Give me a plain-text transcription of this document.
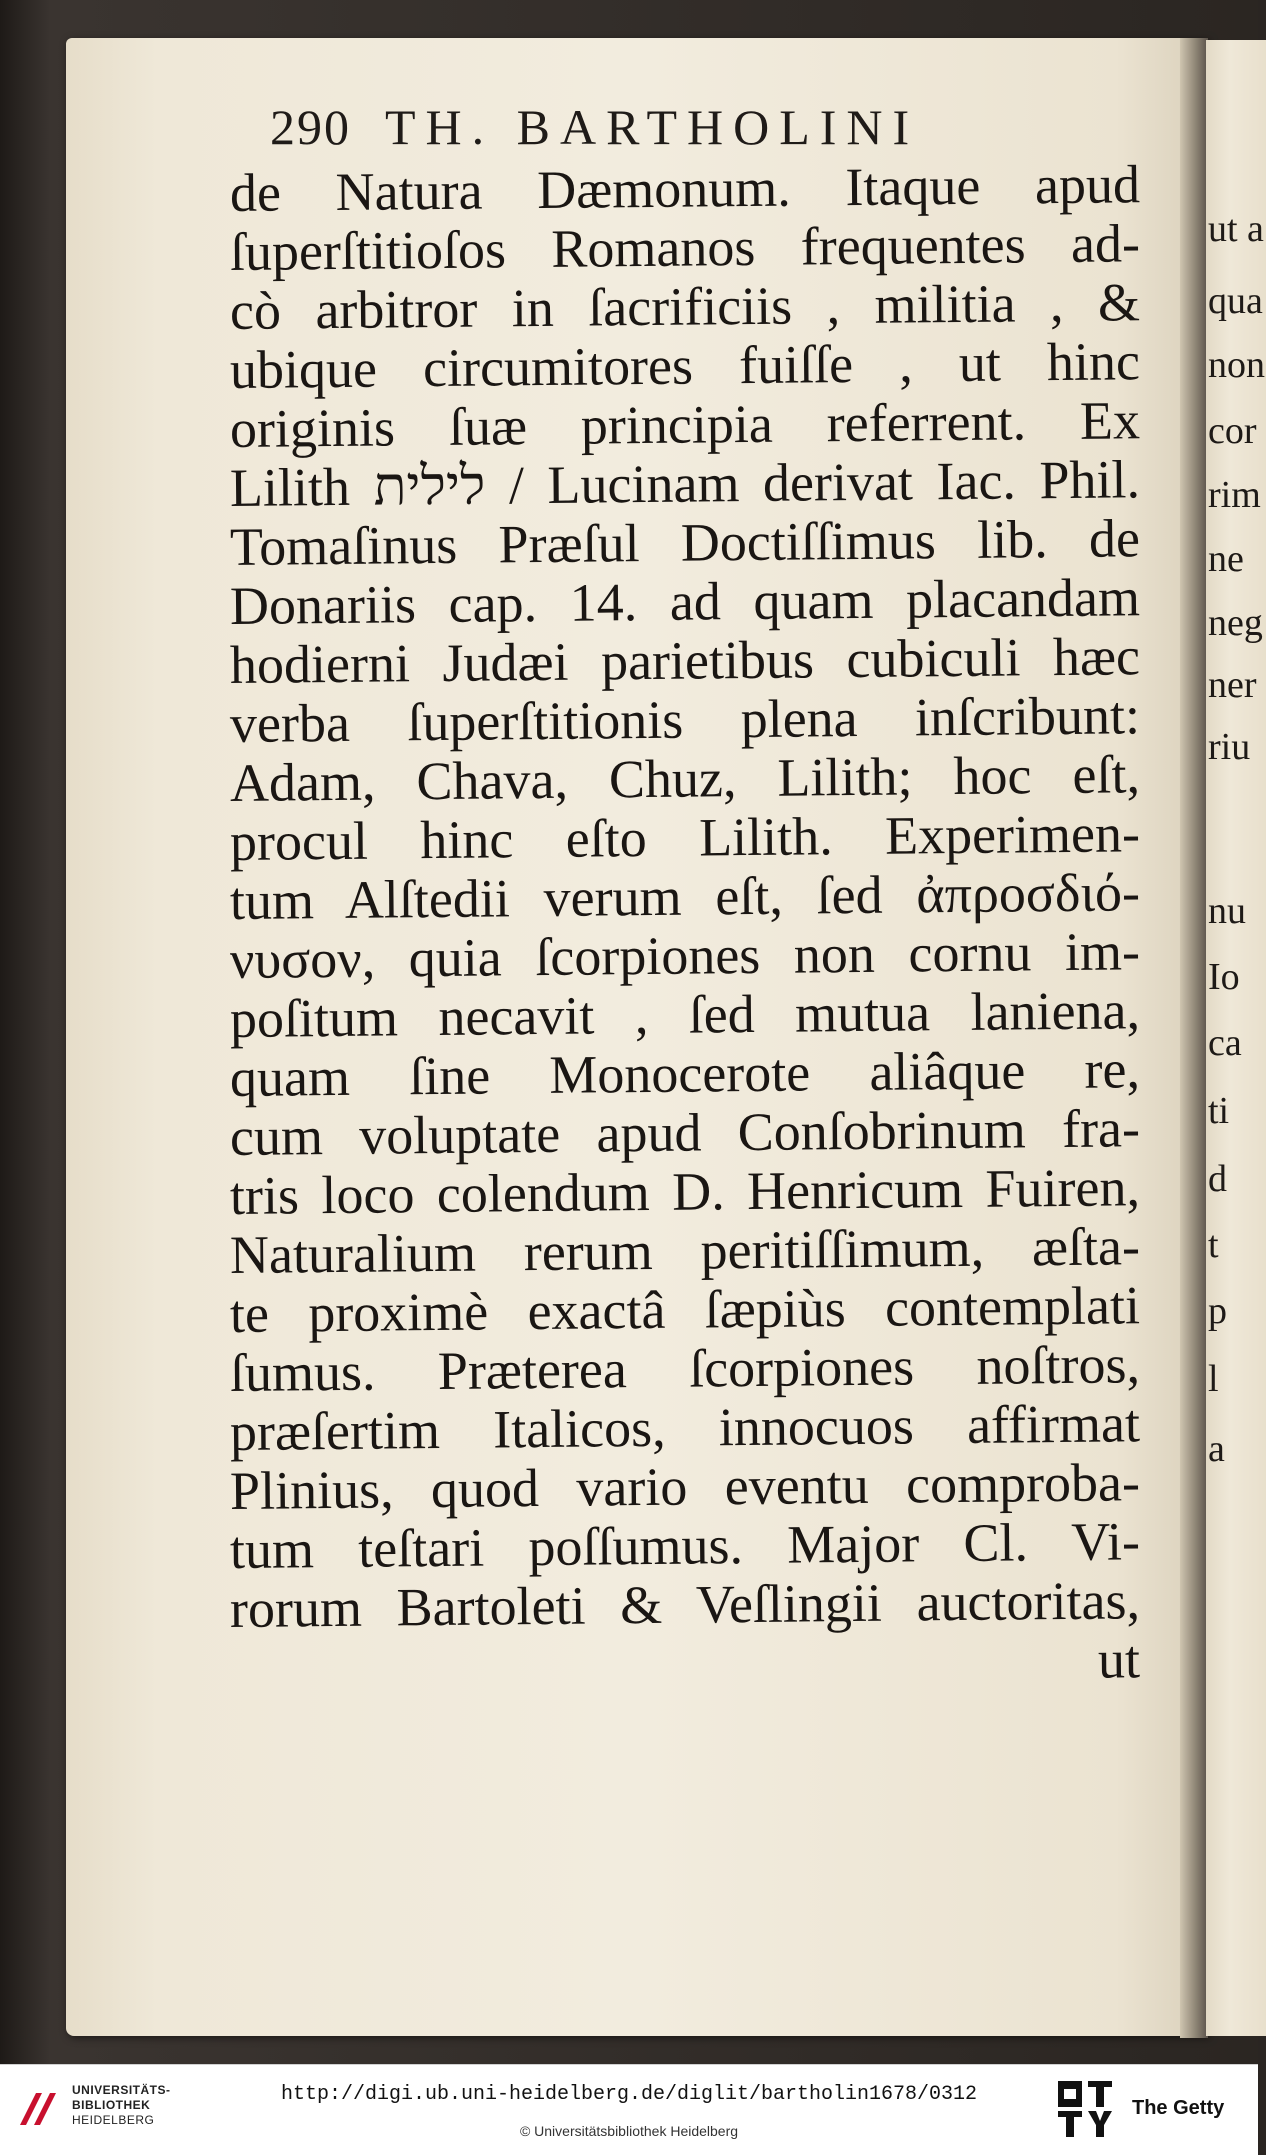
ut a
qua
non
cor
rim
ne
neg
ner
riu
nu
Io
ca
ti
d
t
p
l
a
290 TH. BARTHOLINI
de Natura Dæmonum. Itaque apud
ſuperſtitioſos Romanos frequentes ad-
cò arbitror in ſacrificiis , militia , &
ubique circumitores fuiſſe , ut hinc
originis ſuæ principia referrent. Ex
Lilith לילית / Lucinam derivat Iac. Phil.
Tomaſinus Præſul Doctiſſimus lib. de
Donariis cap. 14. ad quam placandam
hodierni Judæi parietibus cubiculi hæc
verba ſuperſtitionis plena inſcribunt:
Adam, Chava, Chuz, Lilith; hoc eſt,
procul hinc eſto Lilith. Experimen-
tum Alſtedii verum eſt, ſed ἀπροσδιό-
νυσον, quia ſcorpiones non cornu im-
poſitum necavit , ſed mutua laniena,
quam ſine Monocerote aliâque re,
cum voluptate apud Conſobrinum fra-
tris loco colendum D. Henricum Fuiren,
Naturalium rerum peritiſſimum, æſta-
te proximè exactâ ſæpiùs contemplati
ſumus. Præterea ſcorpiones noſtros,
præſertim Italicos, innocuos affirmat
Plinius, quod vario eventu comproba-
tum teſtari poſſumus. Major Cl. Vi-
rorum Bartoleti & Veſlingii auctoritas,
ut
UNIVERSITÄTS-
BIBLIOTHEK
HEIDELBERG
http://digi.ub.uni-heidelberg.de/diglit/bartholin1678/0312
© Universitätsbibliothek Heidelberg
The Getty
